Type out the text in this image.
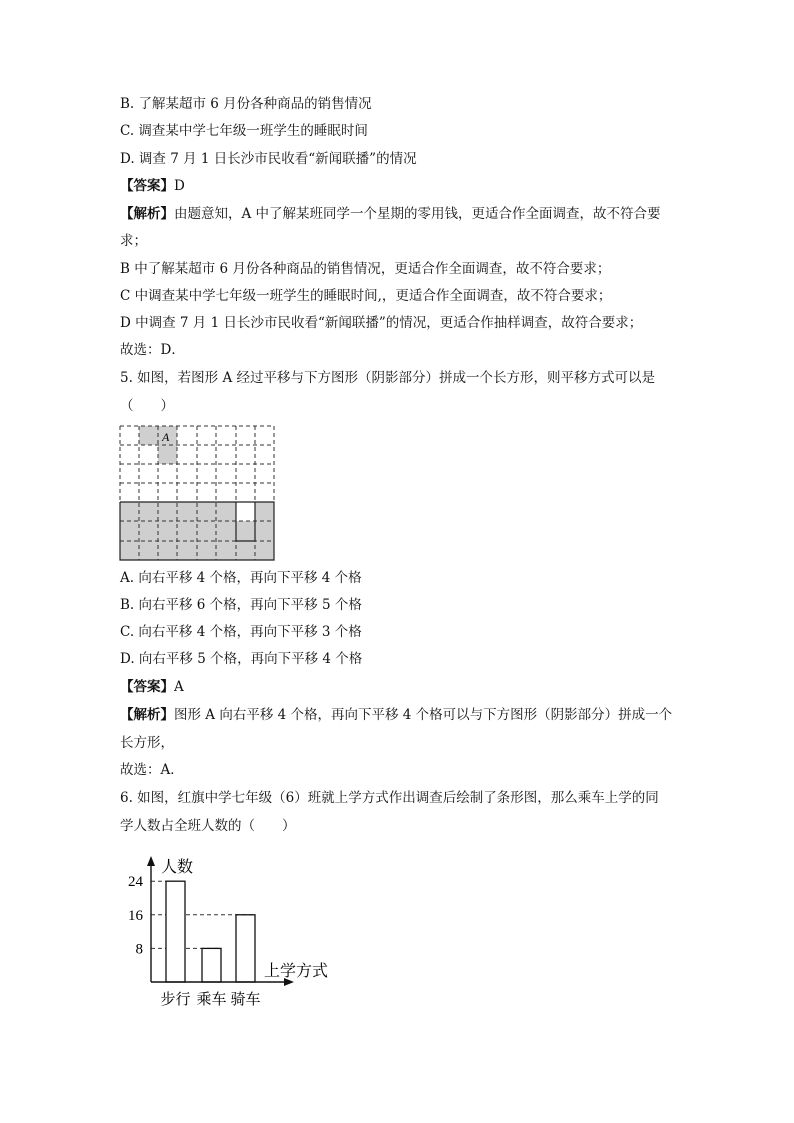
B. 了解某超市 6 月份各种商品的销售情况
C. 调查某中学七年级一班学生的睡眠时间
D. 调查 7 月 1 日长沙市民收看“新闻联播”的情况
【答案】D
【解析】由题意知，A 中了解某班同学一个星期的零用钱，更适合作全面调查，故不符合要
求；
B 中了解某超市 6 月份各种商品的销售情况，更适合作全面调查，故不符合要求；
C 中调查某中学七年级一班学生的睡眠时间,，更适合作全面调查，故不符合要求；
D 中调查 7 月 1 日长沙市民收看“新闻联播”的情况，更适合作抽样调查，故符合要求；
故选：D．
5. 如图，若图形 A 经过平移与下方图形（阴影部分）拼成一个长方形，则平移方式可以是
（　　）
A
A. 向右平移 4 个格，再向下平移 4 个格
B. 向右平移 6 个格，再向下平移 5 个格
C. 向右平移 4 个格，再向下平移 3 个格
D. 向右平移 5 个格，再向下平移 4 个格
【答案】A
【解析】图形 A 向右平移 4 个格，再向下平移 4 个格可以与下方图形（阴影部分）拼成一个
长方形，
故选：A．
6. 如图，红旗中学七年级（6）班就上学方式作出调查后绘制了条形图，那么乘车上学的同
学人数占全班人数的（　　）
8
16
24
步行 乘车 骑车
人数
上学方式
